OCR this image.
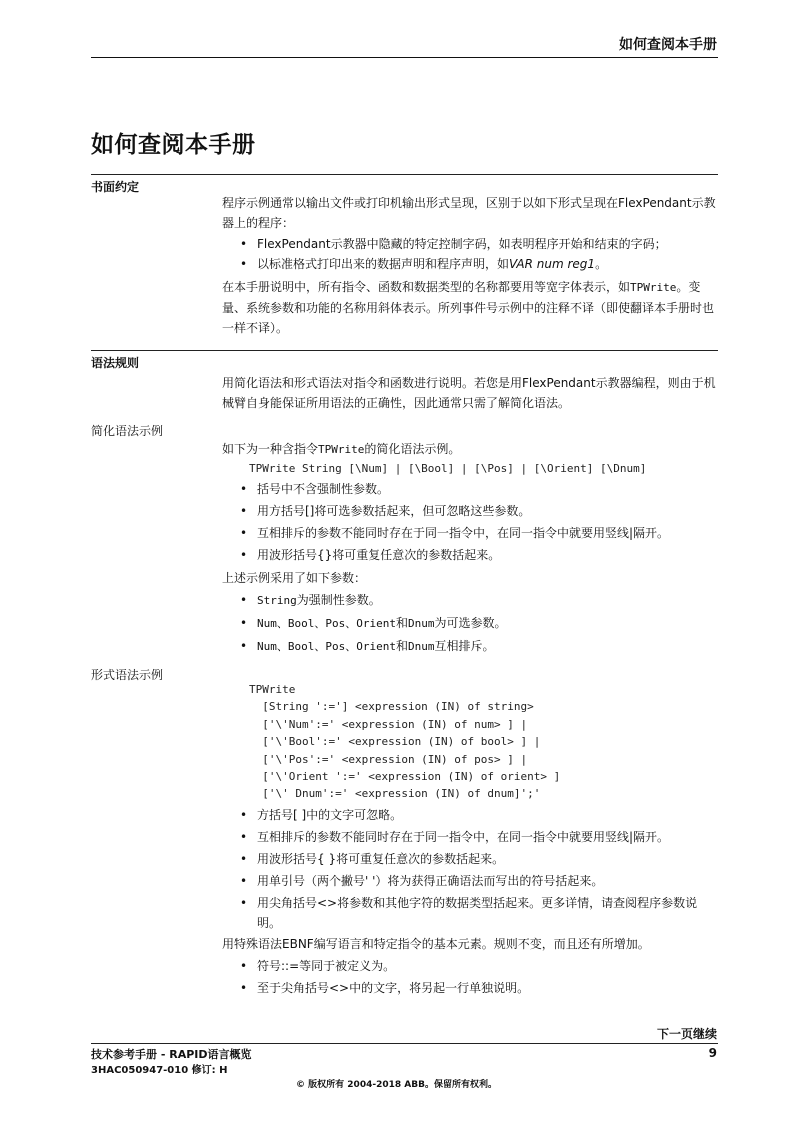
如何查阅本手册
如何查阅本手册
书面约定
程序示例通常以输出文件或打印机输出形式呈现，区别于以如下形式呈现在FlexPendant示教器上的程序：
• FlexPendant示教器中隐藏的特定控制字码，如表明程序开始和结束的字码；
• 以标准格式打印出来的数据声明和程序声明，如VAR num reg1。
在本手册说明中，所有指令、函数和数据类型的名称都要用等宽字体表示，如TPWrite。变量、系统参数和功能的名称用斜体表示。所列事件号示例中的注释不译（即使翻译本手册时也一样不译）。
语法规则
用简化语法和形式语法对指令和函数进行说明。若您是用FlexPendant示教器编程，则由于机械臂自身能保证所用语法的正确性，因此通常只需了解简化语法。
简化语法示例
如下为一种含指令TPWrite的简化语法示例。
TPWrite String [\Num] | [\Bool] | [\Pos] | [\Orient] [\Dnum]
• 括号中不含强制性参数。
• 用方括号[]将可选参数括起来，但可忽略这些参数。
• 互相排斥的参数不能同时存在于同一指令中，在同一指令中就要用竖线|隔开。
• 用波形括号{}将可重复任意次的参数括起来。
上述示例采用了如下参数：
• String为强制性参数。
• Num、Bool、Pos、Orient和Dnum为可选参数。
• Num、Bool、Pos、Orient和Dnum互相排斥。
形式语法示例
TPWrite
[String ':='] <expression (IN) of string>
['\'Num':=' <expression (IN) of num> ] |
['\'Bool':=' <expression (IN) of bool> ] |
['\'Pos':=' <expression (IN) of pos> ] |
['\'Orient ':=' <expression (IN) of orient> ]
['\' Dnum':=' <expression (IN) of dnum]';'
• 方括号[ ]中的文字可忽略。
• 互相排斥的参数不能同时存在于同一指令中，在同一指令中就要用竖线|隔开。
• 用波形括号{ }将可重复任意次的参数括起来。
• 用单引号（两个撇号' '）将为获得正确语法而写出的符号括起来。
• 用尖角括号<>将参数和其他字符的数据类型括起来。更多详情，请查阅程序参数说明。
用特殊语法EBNF编写语言和特定指令的基本元素。规则不变，而且还有所增加。
• 符号::=等同于被定义为。
• 至于尖角括号<>中的文字，将另起一行单独说明。
下一页继续
技术参考手册 - RAPID语言概览	9
3HAC050947-010 修订: H
© 版权所有 2004-2018 ABB。保留所有权利。
